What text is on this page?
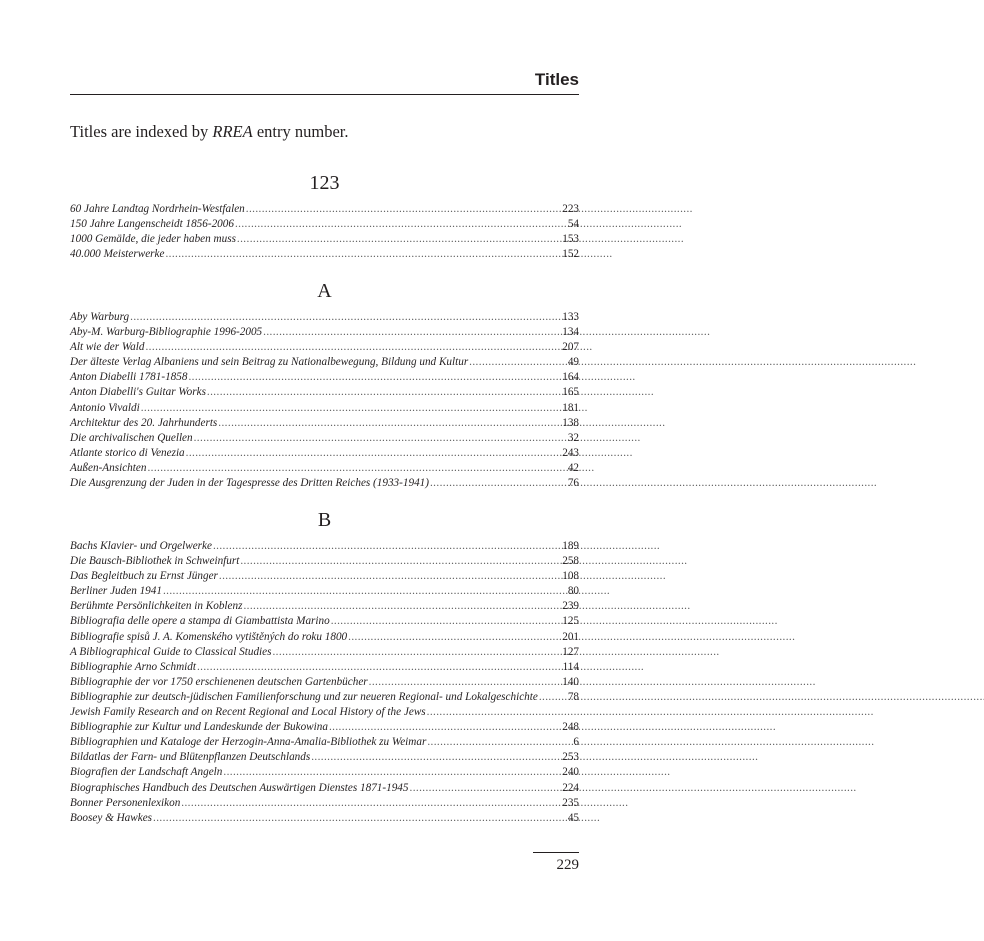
Titles

Titles are indexed by RREA entry number.

123
60 Jahre Landtag Nordrhein-Westfalen . . .	223
150 Jahre Langenscheidt 1856-2006 . . .	54
1000 Gemälde, die jeder haben muss . . .	153
40.000 Meisterwerke . . .	152
A
Aby Warburg . . .	133
Aby-M. Warburg-Bibliographie 1996-2005 . . .	134
Alt wie der Wald . . .	207
Der älteste Verlag Albaniens und sein Beitrag zu Nationalbewegung, Bildung und Kultur . . .	49
Anton Diabelli 1781-1858 . . .	164
Anton Diabelli's Guitar Works . . .	165
Antonio Vivaldi . . .	181
Architektur des 20. Jahrhunderts . . .	138
Die archivalischen Quellen . . .	32
Atlante storico di Venezia . . .	243
Außen-Ansichten . . .	42
Die Ausgrenzung der Juden in der Tagespresse des Dritten Reiches (1933-1941) . . .	76
B
Bachs Klavier- und Orgelwerke . . .	189
Die Bausch-Bibliothek in Schweinfurt . . .	258
Das Begleitbuch zu Ernst Jünger . . .	108
Berliner Juden 1941 . . .	80
Berühmte Persönlichkeiten in Koblenz . . .	239
Bibliografia delle opere a stampa di Giambattista Marino . . .	125
Bibliografie spisů J. A. Komenského vytištěných do roku 1800 . . .	201
A Bibliographical Guide to Classical Studies . . .	127
Bibliographie Arno Schmidt . . .	114
Bibliographie der vor 1750 erschienenen deutschen Gartenbücher . . .	140
Bibliographie zur deutsch-jüdischen Familienforschung und zur neueren Regional- und Lokalgeschichte . . .	78
Jewish Family Research and on Recent Regional and Local History of the Jews
. . .
Bibliographie zur Kultur und Landeskunde der Bukowina . . .	248
Bibliographien und Kataloge der Herzogin-Anna-Amalia-Bibliothek zu Weimar . . .	6
Bildatlas der Farn- und Blütenpflanzen Deutschlands . . .	253
Biografien der Landschaft Angeln . . .	240
Biographisches Handbuch des Deutschen Auswärtigen Dienstes 1871-1945 . . .	224
Bonner Personenlexikon . . .	235
Boosey & Hawkes . . .	45
229
